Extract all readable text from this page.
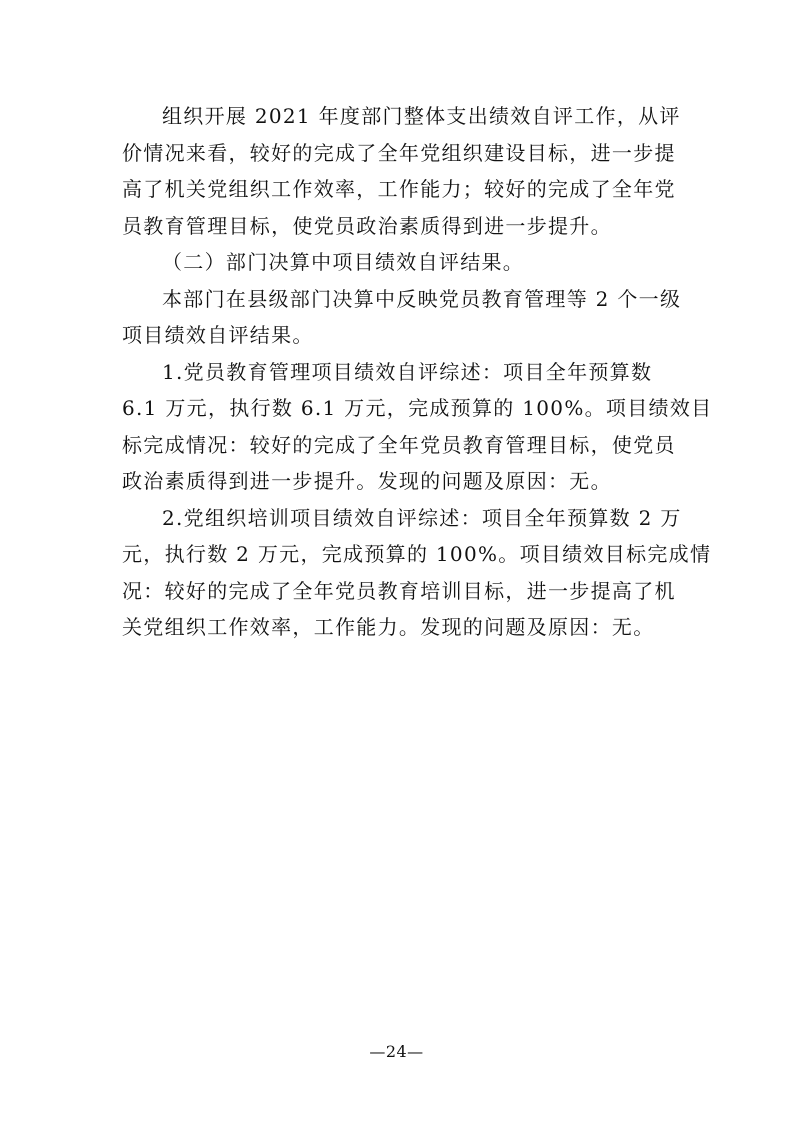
组织开展 2021 年度部门整体支出绩效自评工作，从评
价情况来看，较好的完成了全年党组织建设目标，进一步提
高了机关党组织工作效率，工作能力；较好的完成了全年党
员教育管理目标，使党员政治素质得到进一步提升。
（二）部门决算中项目绩效自评结果。
本部门在县级部门决算中反映党员教育管理等 2 个一级
项目绩效自评结果。
1.党员教育管理项目绩效自评综述：项目全年预算数
6.1 万元，执行数 6.1 万元，完成预算的 100%。项目绩效目
标完成情况：较好的完成了全年党员教育管理目标，使党员
政治素质得到进一步提升。发现的问题及原因：无。
2.党组织培训项目绩效自评综述：项目全年预算数 2 万
元，执行数 2 万元，完成预算的 100%。项目绩效目标完成情
况：较好的完成了全年党员教育培训目标，进一步提高了机
关党组织工作效率，工作能力。发现的问题及原因：无。
—24—
